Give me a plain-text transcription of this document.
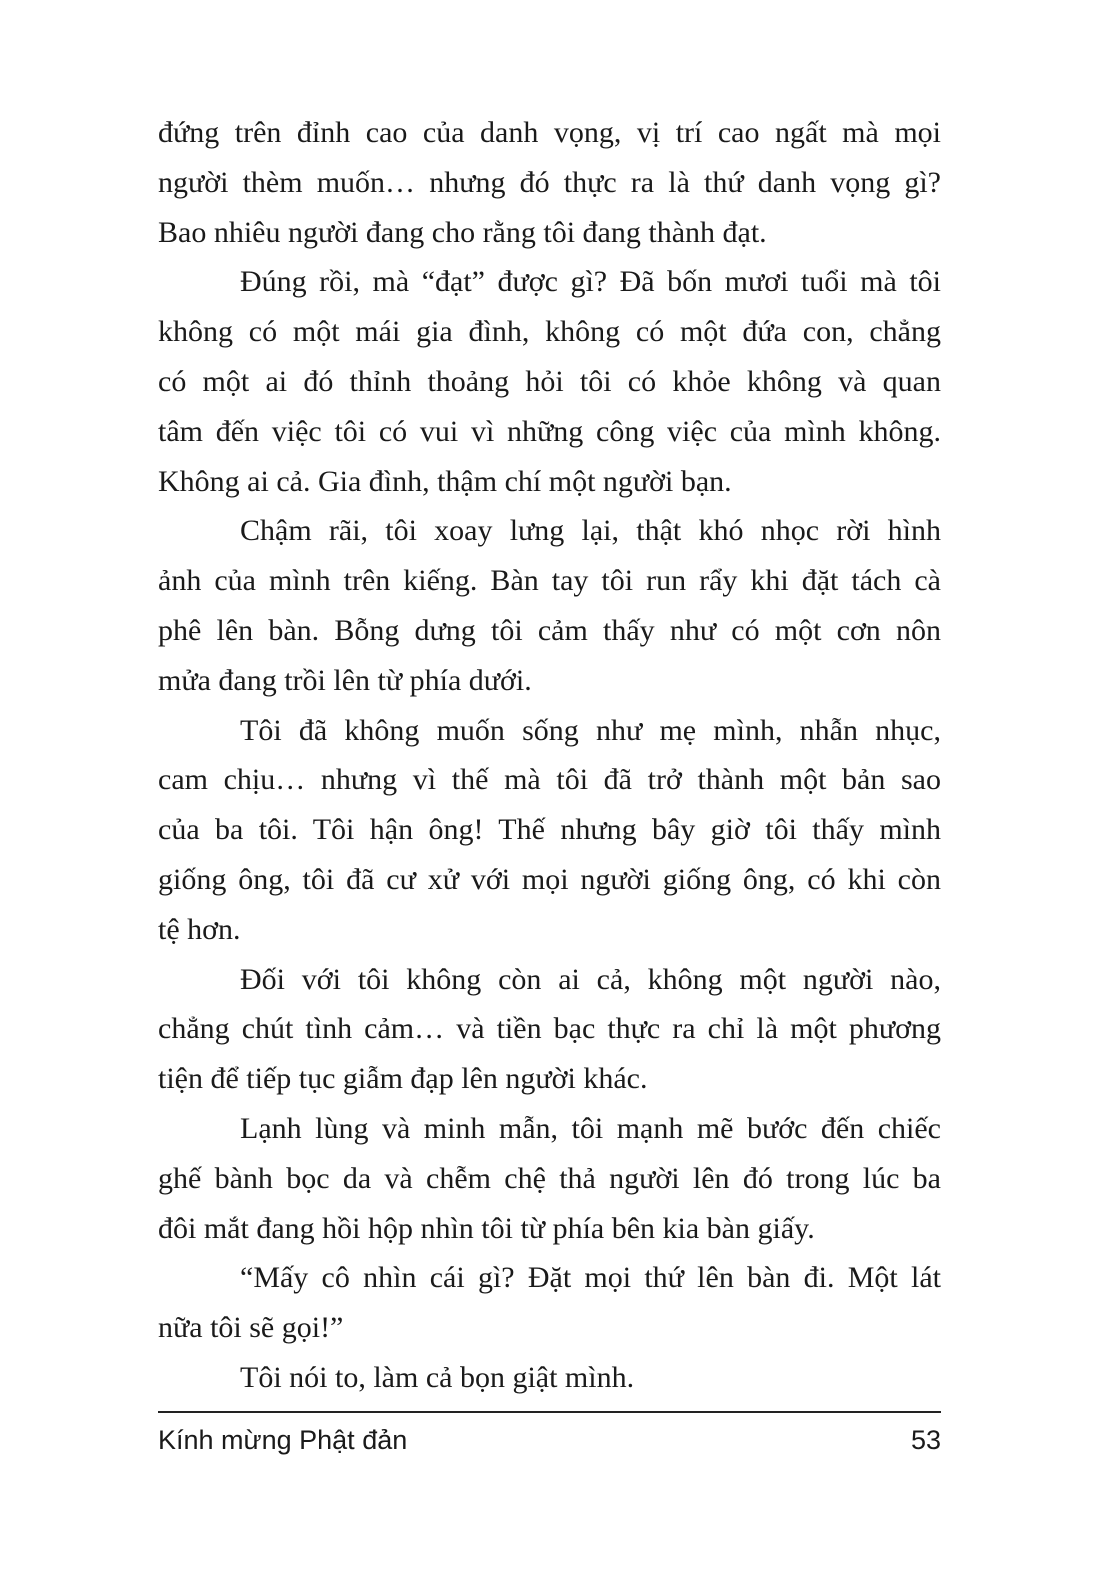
đứng trên đỉnh cao của danh vọng, vị trí cao ngất mà mọi
người thèm muốn… nhưng đó thực ra là thứ danh vọng gì?
Bao nhiêu người đang cho rằng tôi đang thành đạt.
Đúng rồi, mà “đạt” được gì? Đã bốn mươi tuổi mà tôi
không có một mái gia đình, không có một đứa con, chẳng
có một ai đó thỉnh thoảng hỏi tôi có khỏe không và quan
tâm đến việc tôi có vui vì những công việc của mình không.
Không ai cả. Gia đình, thậm chí một người bạn.
Chậm rãi, tôi xoay lưng lại, thật khó nhọc rời hình
ảnh của mình trên kiếng. Bàn tay tôi run rẩy khi đặt tách cà
phê lên bàn. Bỗng dưng tôi cảm thấy như có một cơn nôn
mửa đang trồi lên từ phía dưới.
Tôi đã không muốn sống như mẹ mình, nhẫn nhục,
cam chịu… nhưng vì thế mà tôi đã trở thành một bản sao
của ba tôi. Tôi hận ông! Thế nhưng bây giờ tôi thấy mình
giống ông, tôi đã cư xử với mọi người giống ông, có khi còn
tệ hơn.
Đối với tôi không còn ai cả, không một người nào,
chẳng chút tình cảm… và tiền bạc thực ra chỉ là một phương
tiện để tiếp tục giẫm đạp lên người khác.
Lạnh lùng và minh mẫn, tôi mạnh mẽ bước đến chiếc
ghế bành bọc da và chễm chệ thả người lên đó trong lúc ba
đôi mắt đang hồi hộp nhìn tôi từ phía bên kia bàn giấy.
“Mấy cô nhìn cái gì? Đặt mọi thứ lên bàn đi. Một lát
nữa tôi sẽ gọi!”
Tôi nói to, làm cả bọn giật mình.
Kính mừng Phật đản	53
